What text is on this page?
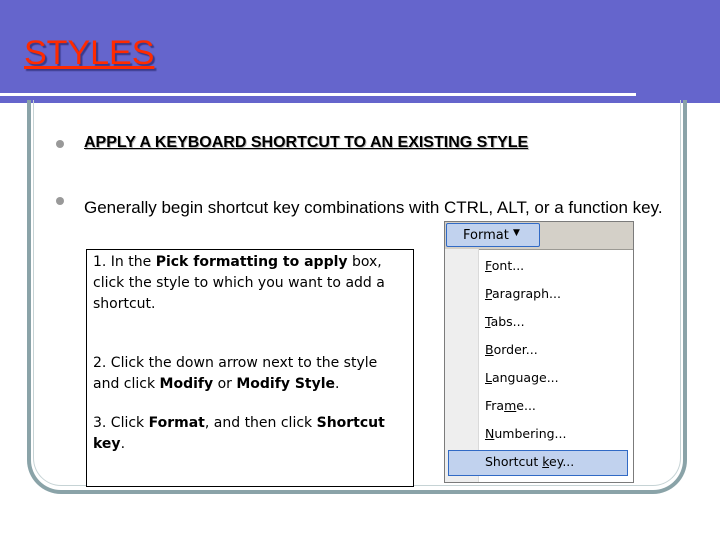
STYLES
APPLY A KEYBOARD SHORTCUT TO AN EXISTING STYLE
Generally begin shortcut key combinations with CTRL, ALT, or a function key.

1. In the Pick formatting to apply box, click the style to which you want to add a shortcut.

2. Click the down arrow next to the style and click Modify or Modify Style.

3. Click Format, and then click Shortcut key.

Format ▼
Font...
Paragraph...
Tabs...
Border...
Language...
Frame...
Numbering...
Shortcut key...
